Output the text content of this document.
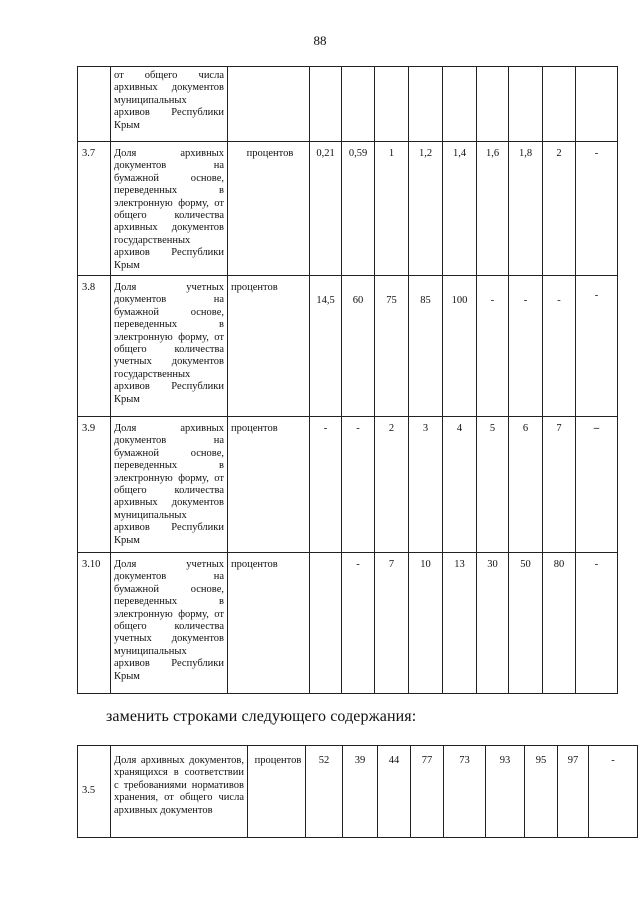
88
	от общего числа архивных документов муниципальных архивов Республики Крым										
3.7	Доля архивных документов на бумажной основе, переведенных в электронную форму, от общего количества архивных документов государственных архивов Республики Крым	процентов	0,21	0,59	1	1,2	1,4	1,6	1,8	2	-
3.8	Доля учетных документов на бумажной основе, переведенных в электронную форму, от общего количества учетных документов государственных архивов Республики Крым	процентов	14,5	60	75	85	100	-	-	-	-
3.9	Доля архивных документов на бумажной основе, переведенных в электронную форму, от общего количества архивных документов муниципальных архивов Республики Крым	процентов	-	-	2	3	4	5	6	7	–
3.10	Доля учетных документов на бумажной основе, переведенных в электронную форму, от общего количества учетных документов муниципальных архивов Республики Крым	процентов		-	7	10	13	30	50	80	-
заменить строками следующего содержания:
3.5	Доля архивных документов, хранящихся в соответствии с требованиями нормативов хранения, от общего числа архивных документов	процентов	52	39	44	77	73	93	95	97	-
